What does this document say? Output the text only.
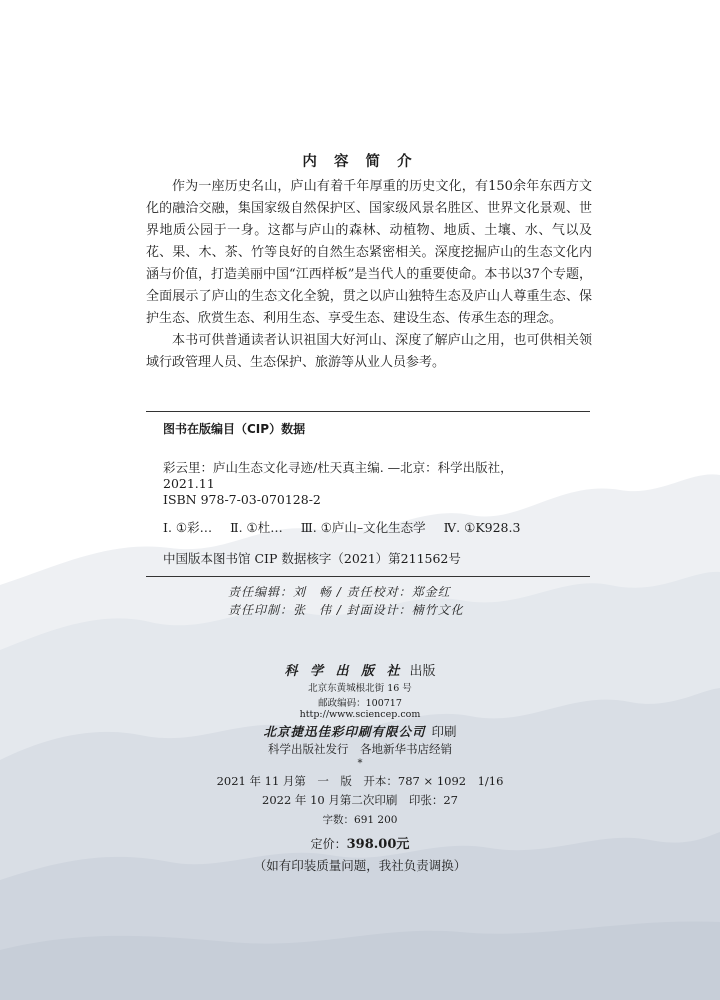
内 容 简 介

作为一座历史名山，庐山有着千年厚重的历史文化，有150余年东西方文化的融洽交融，集国家级自然保护区、国家级风景名胜区、世界文化景观、世界地质公园于一身。这都与庐山的森林、动植物、地质、土壤、水、气以及花、果、木、茶、竹等良好的自然生态紧密相关。深度挖掘庐山的生态文化内涵与价值，打造美丽中国“江西样板”是当代人的重要使命。本书以37个专题，全面展示了庐山的生态文化全貌，贯之以庐山独特生态及庐山人尊重生态、保护生态、欣赏生态、利用生态、享受生态、建设生态、传承生态的理念。

本书可供普通读者认识祖国大好河山、深度了解庐山之用，也可供相关领域行政管理人员、生态保护、旅游等从业人员参考。

图书在版编目（CIP）数据
彩云里：庐山生态文化寻迹/杜天真主编. —北京：科学出版社，
2021.11
ISBN 978-7-03-070128-2
Ⅰ. ①彩… Ⅱ. ①杜… Ⅲ. ①庐山–文化生态学 Ⅳ. ①K928.3
中国版本图书馆 CIP 数据核字（2021）第211562号
责任编辑：刘　畅 / 责任校对：郑金红
责任印制：张　伟 / 封面设计：楠竹文化
科 学 出 版 社 出版
北京东黄城根北街 16 号
邮政编码：100717
http://www.sciencep.com
北京捷迅佳彩印刷有限公司 印刷
科学出版社发行　各地新华书店经销
*
2021 年 11 月第　一　版　开本：787 × 1092　1/16
2022 年 10 月第二次印刷　印张：27
字数：691 200
定价：398.00元
（如有印装质量问题，我社负责调换）
